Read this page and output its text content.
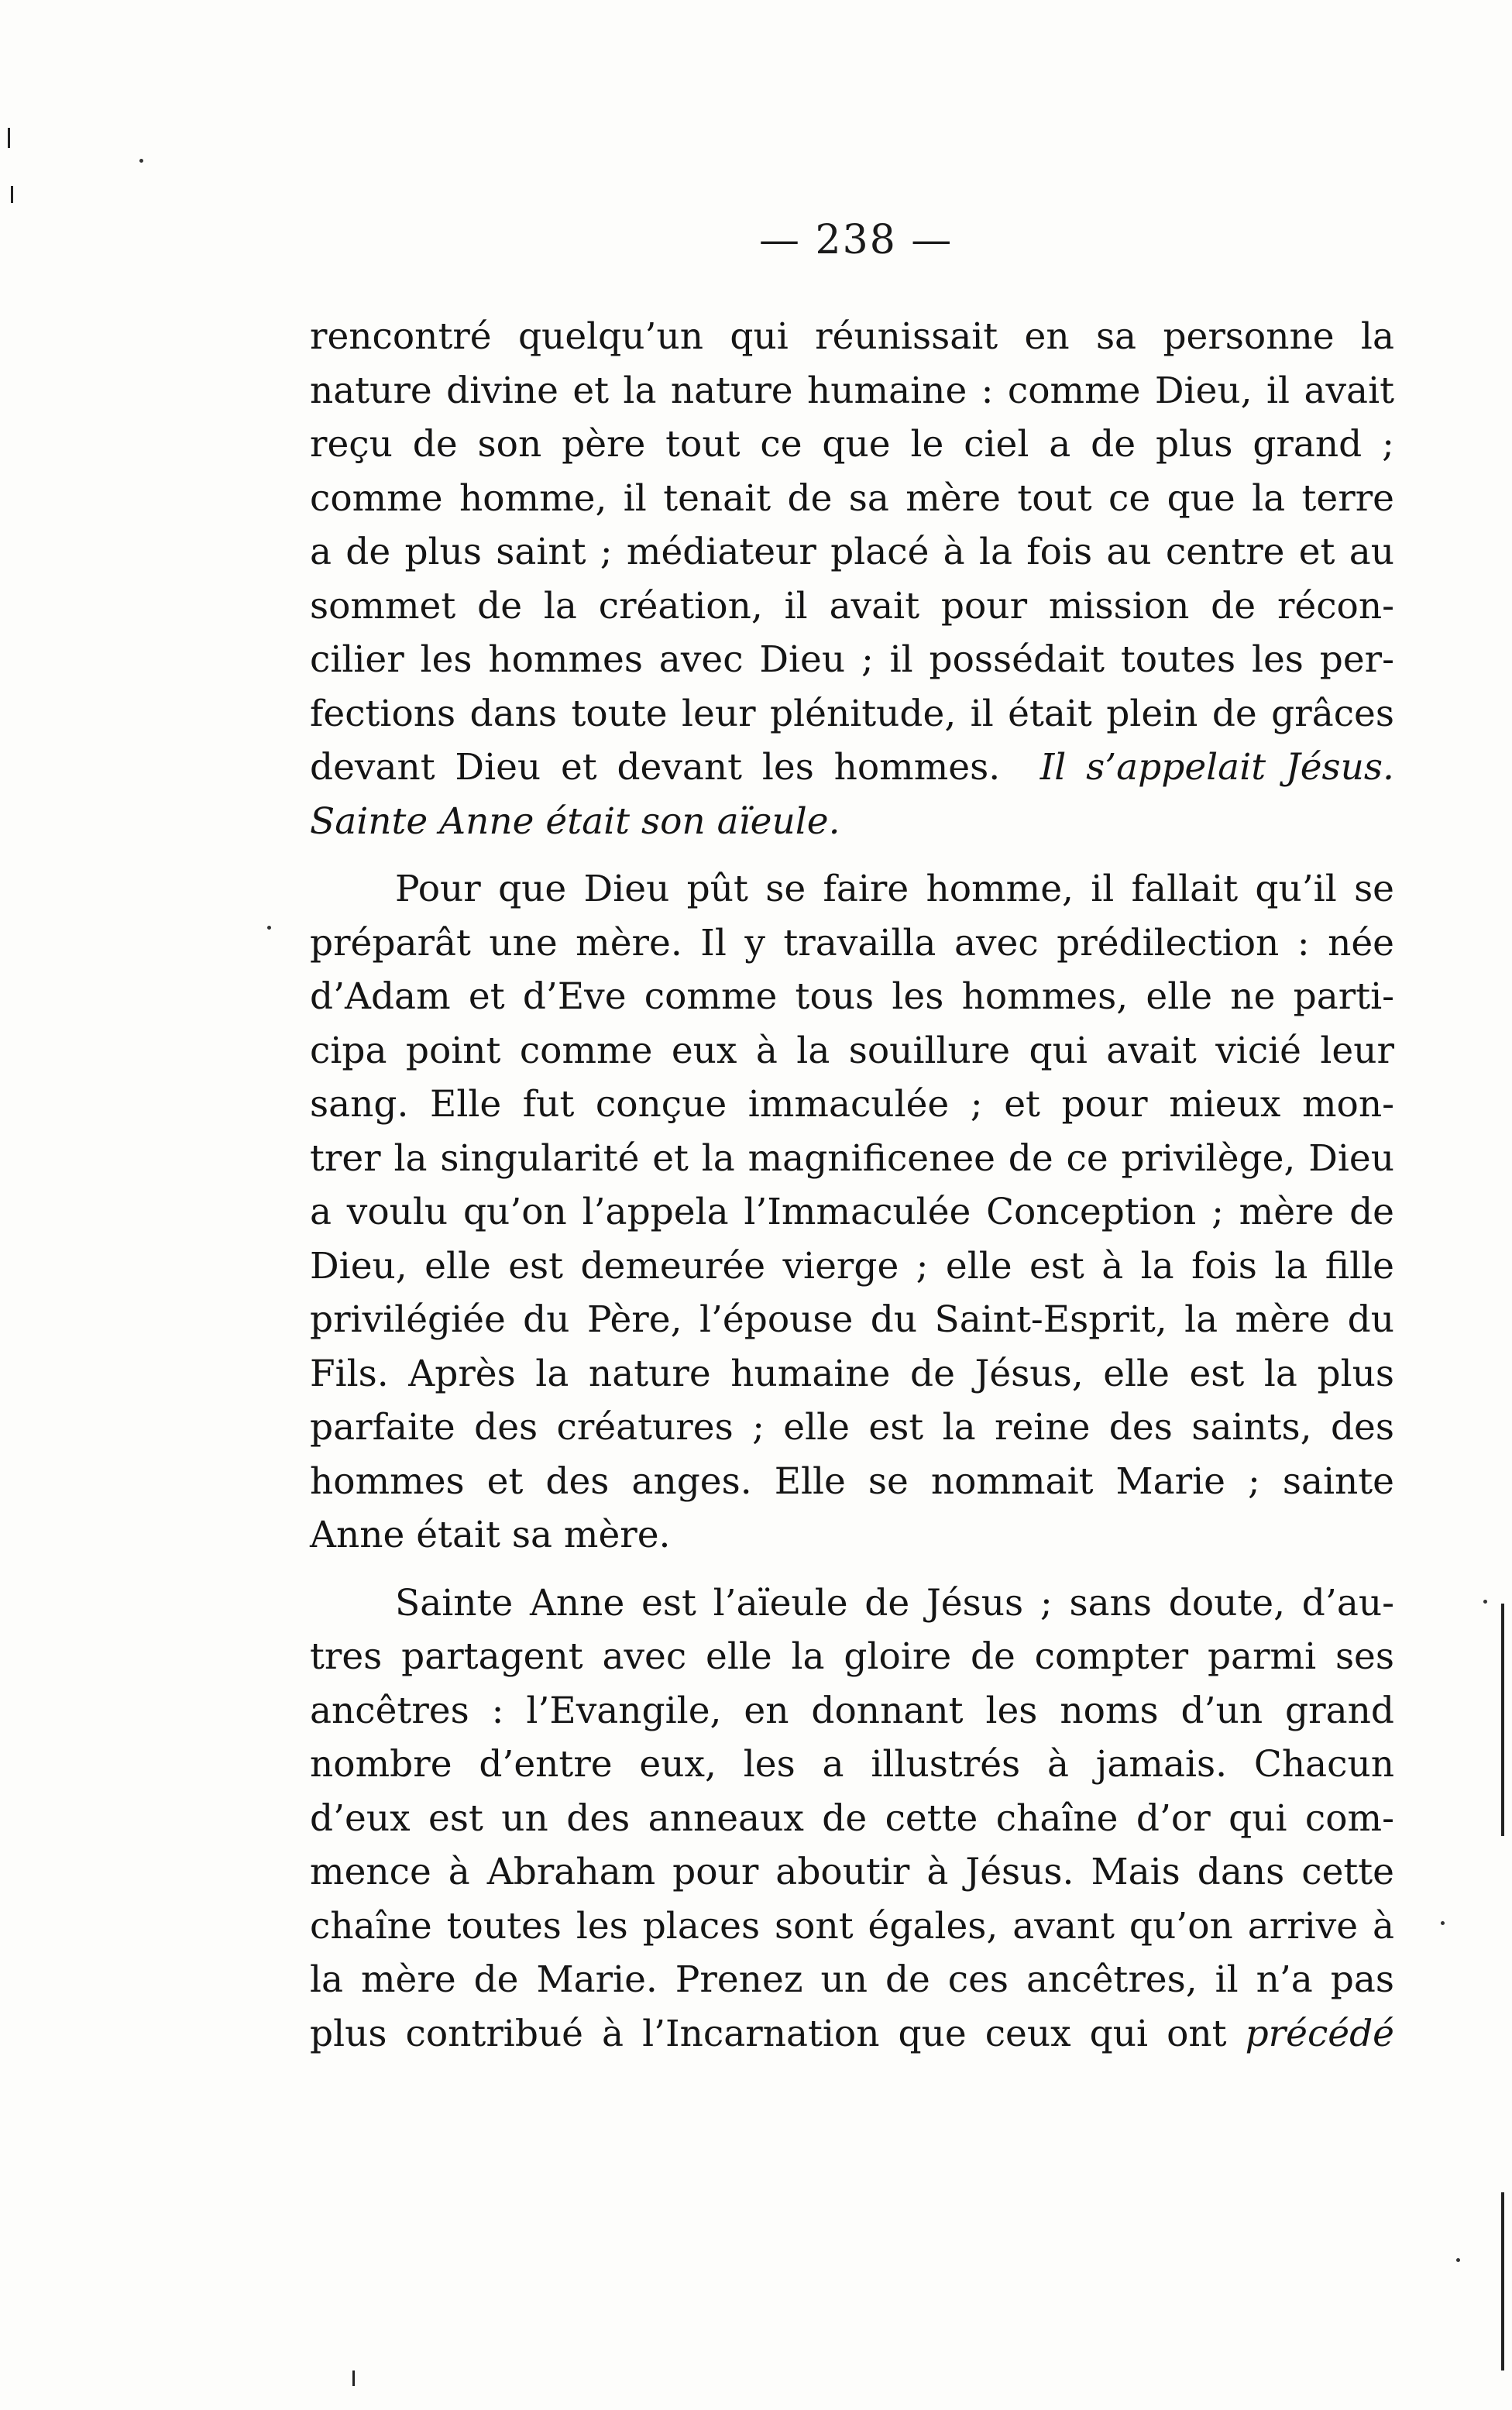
— 238 —
rencontré quelqu’un qui réunissait en sa personne la
nature divine et la nature humaine : comme Dieu, il avait
reçu de son père tout ce que le ciel a de plus grand ;
comme homme, il tenait de sa mère tout ce que la terre
a de plus saint ; médiateur placé à la fois au centre et au
sommet de la création, il avait pour mission de récon-
cilier les hommes avec Dieu ; il possédait toutes les per-
fections dans toute leur plénitude, il était plein de grâces
devant Dieu et devant les hommes. Il s’appelait Jésus.
Sainte Anne était son aïeule.
Pour que Dieu pût se faire homme, il fallait qu’il se
préparât une mère. Il y travailla avec prédilection : née
d’Adam et d’Eve comme tous les hommes, elle ne parti-
cipa point comme eux à la souillure qui avait vicié leur
sang. Elle fut conçue immaculée ; et pour mieux mon-
trer la singularité et la magnificenee de ce privilège, Dieu
a voulu qu’on l’appela l’Immaculée Conception ; mère de
Dieu, elle est demeurée vierge ; elle est à la fois la fille
privilégiée du Père, l’épouse du Saint-Esprit, la mère du
Fils. Après la nature humaine de Jésus, elle est la plus
parfaite des créatures ; elle est la reine des saints, des
hommes et des anges. Elle se nommait Marie ; sainte
Anne était sa mère.
Sainte Anne est l’aïeule de Jésus ; sans doute, d’au-
tres partagent avec elle la gloire de compter parmi ses
ancêtres : l’Evangile, en donnant les noms d’un grand
nombre d’entre eux, les a illustrés à jamais. Chacun
d’eux est un des anneaux de cette chaîne d’or qui com-
mence à Abraham pour aboutir à Jésus. Mais dans cette
chaîne toutes les places sont égales, avant qu’on arrive à
la mère de Marie. Prenez un de ces ancêtres, il n’a pas
plus contribué à l’Incarnation que ceux qui ont précédé
